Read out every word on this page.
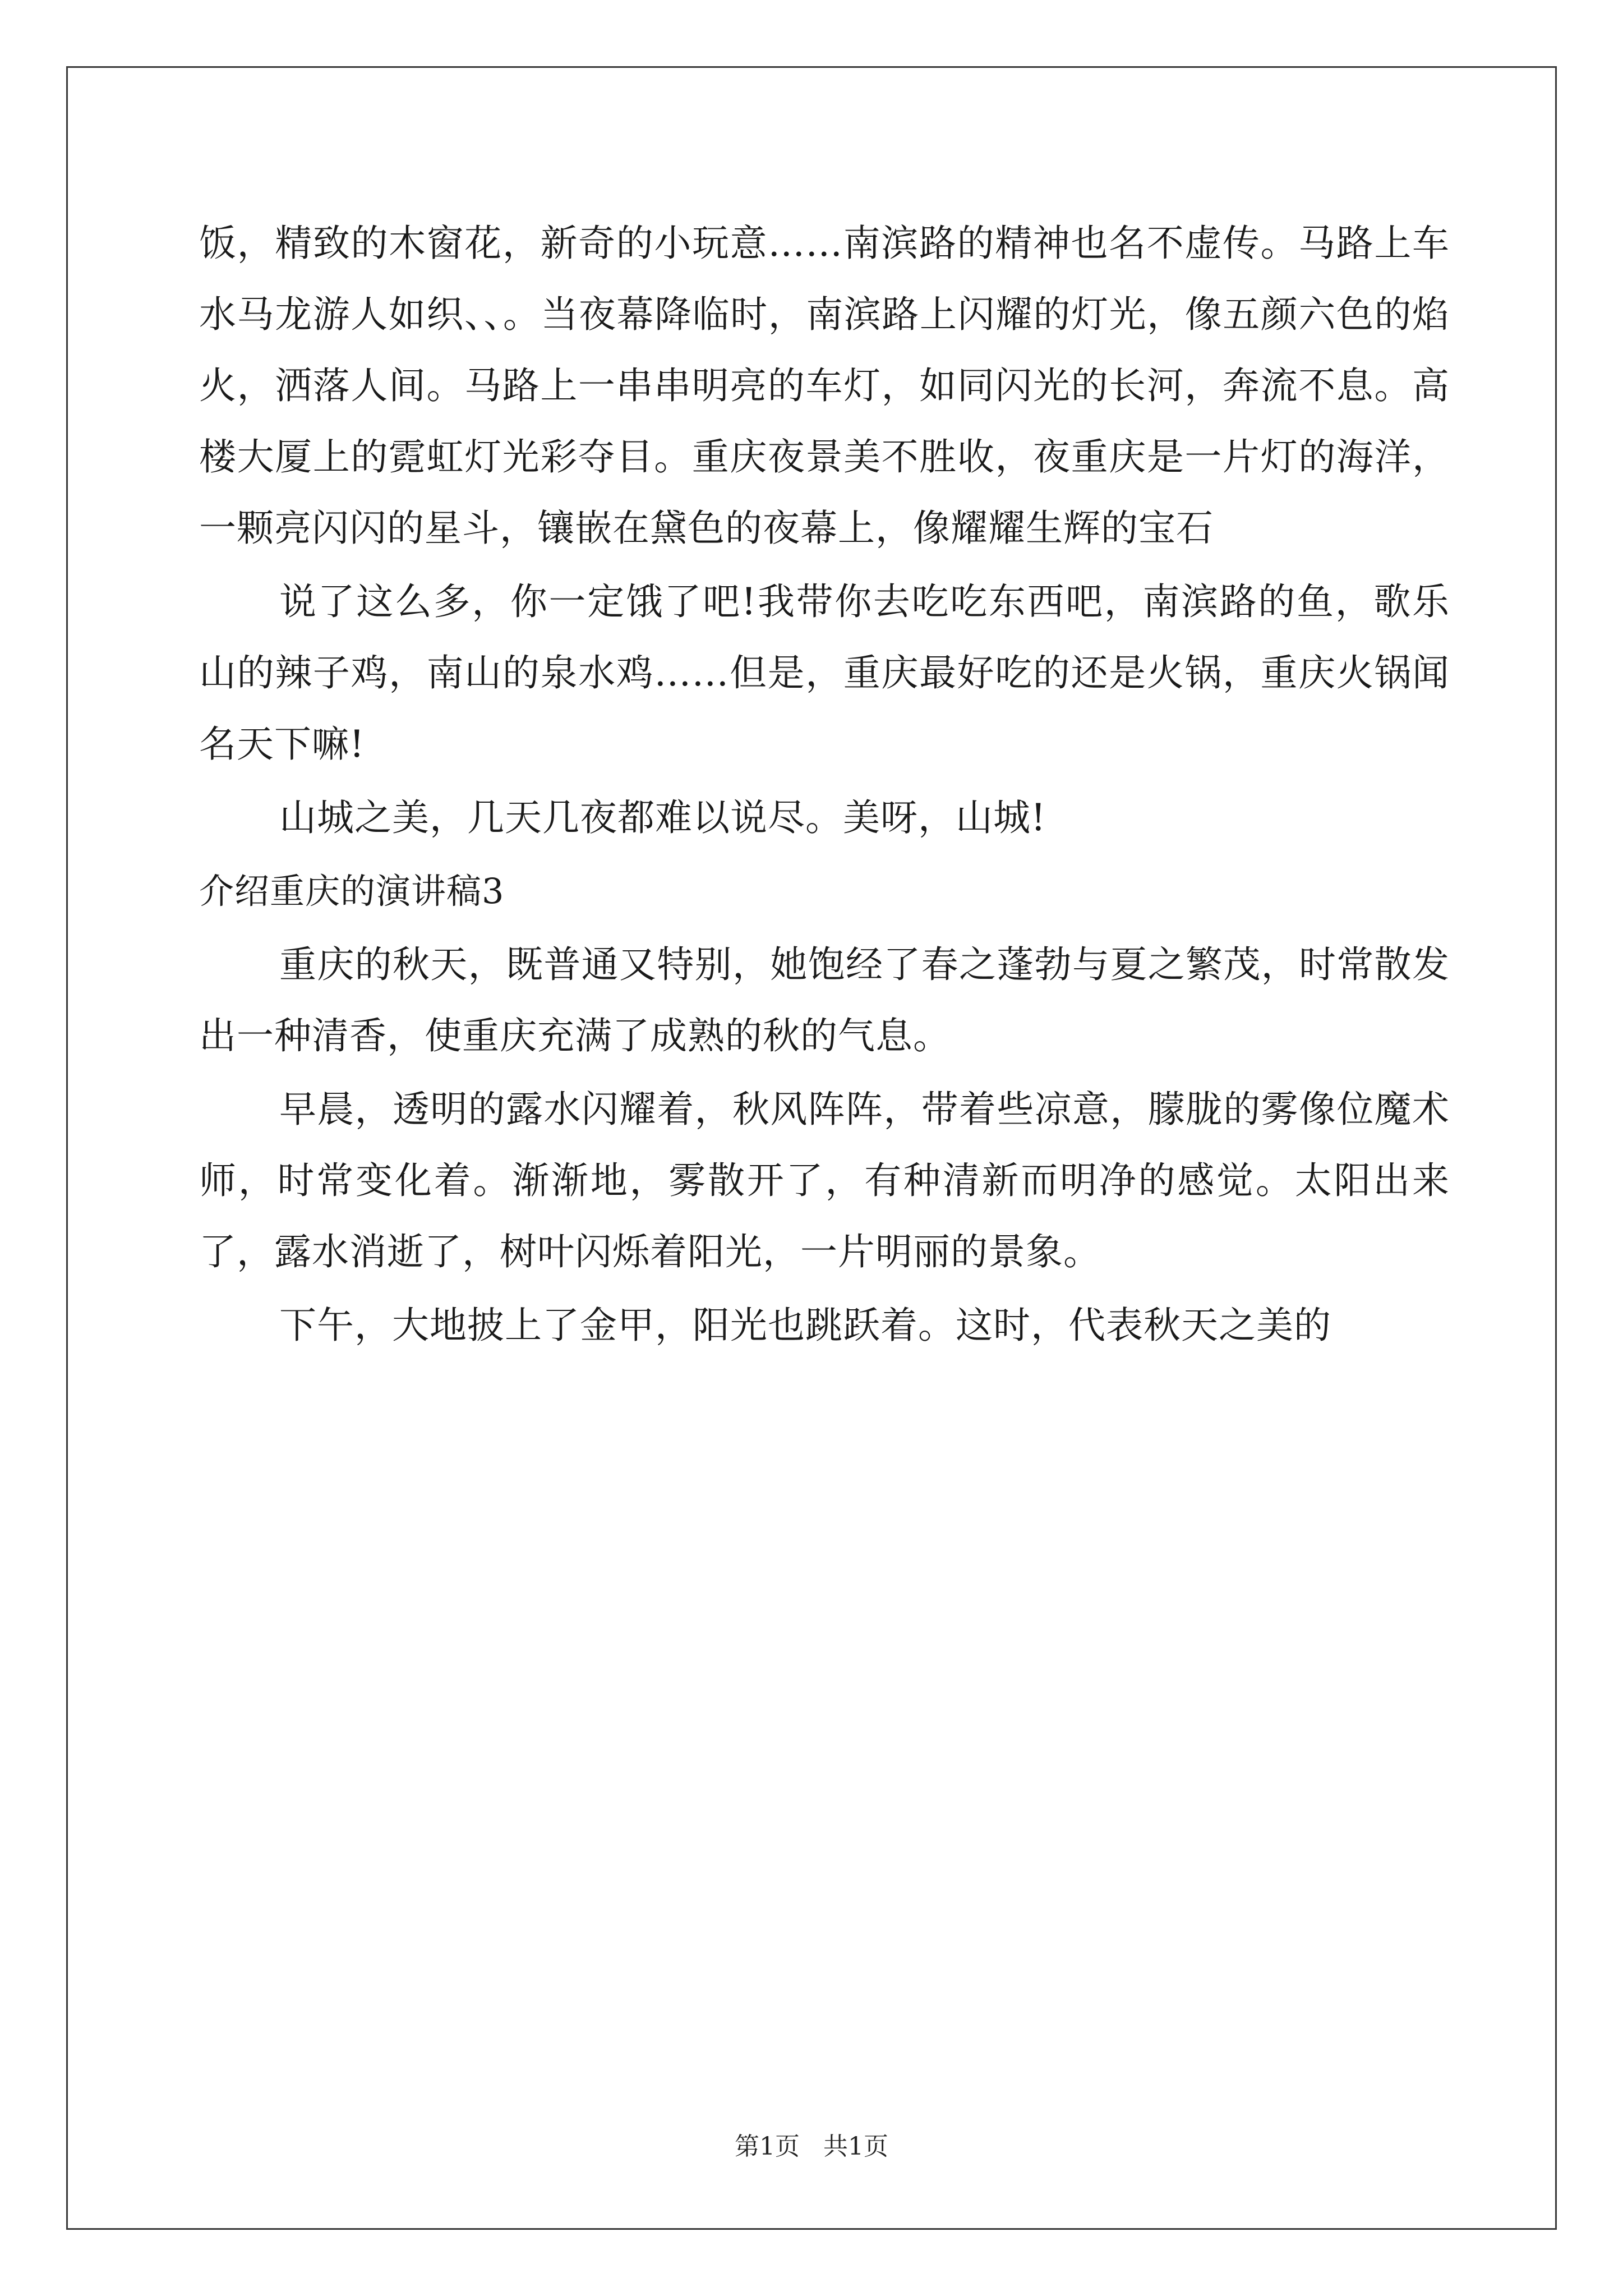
饭，精致的木窗花，新奇的小玩意……南滨路的精神也名不虚传。马路上车水马龙游人如织、、。当夜幕降临时，南滨路上闪耀的灯光，像五颜六色的焰火，洒落人间。马路上一串串明亮的车灯，如同闪光的长河，奔流不息。高楼大厦上的霓虹灯光彩夺目。重庆夜景美不胜收，夜重庆是一片灯的海洋，一颗亮闪闪的星斗，镶嵌在黛色的夜幕上，像耀耀生辉的宝石

说了这么多，你一定饿了吧!我带你去吃吃东西吧，南滨路的鱼，歌乐山的辣子鸡，南山的泉水鸡……但是，重庆最好吃的还是火锅，重庆火锅闻名天下嘛!

山城之美，几天几夜都难以说尽。美呀，山城!

介绍重庆的演讲稿3

重庆的秋天，既普通又特别，她饱经了春之蓬勃与夏之繁茂，时常散发出一种清香，使重庆充满了成熟的秋的气息。

早晨，透明的露水闪耀着，秋风阵阵，带着些凉意，朦胧的雾像位魔术师，时常变化着。渐渐地，雾散开了，有种清新而明净的感觉。太阳出来了，露水消逝了，树叶闪烁着阳光，一片明丽的景象。

下午，大地披上了金甲，阳光也跳跃着。这时，代表秋天之美的

第1页 共1页
